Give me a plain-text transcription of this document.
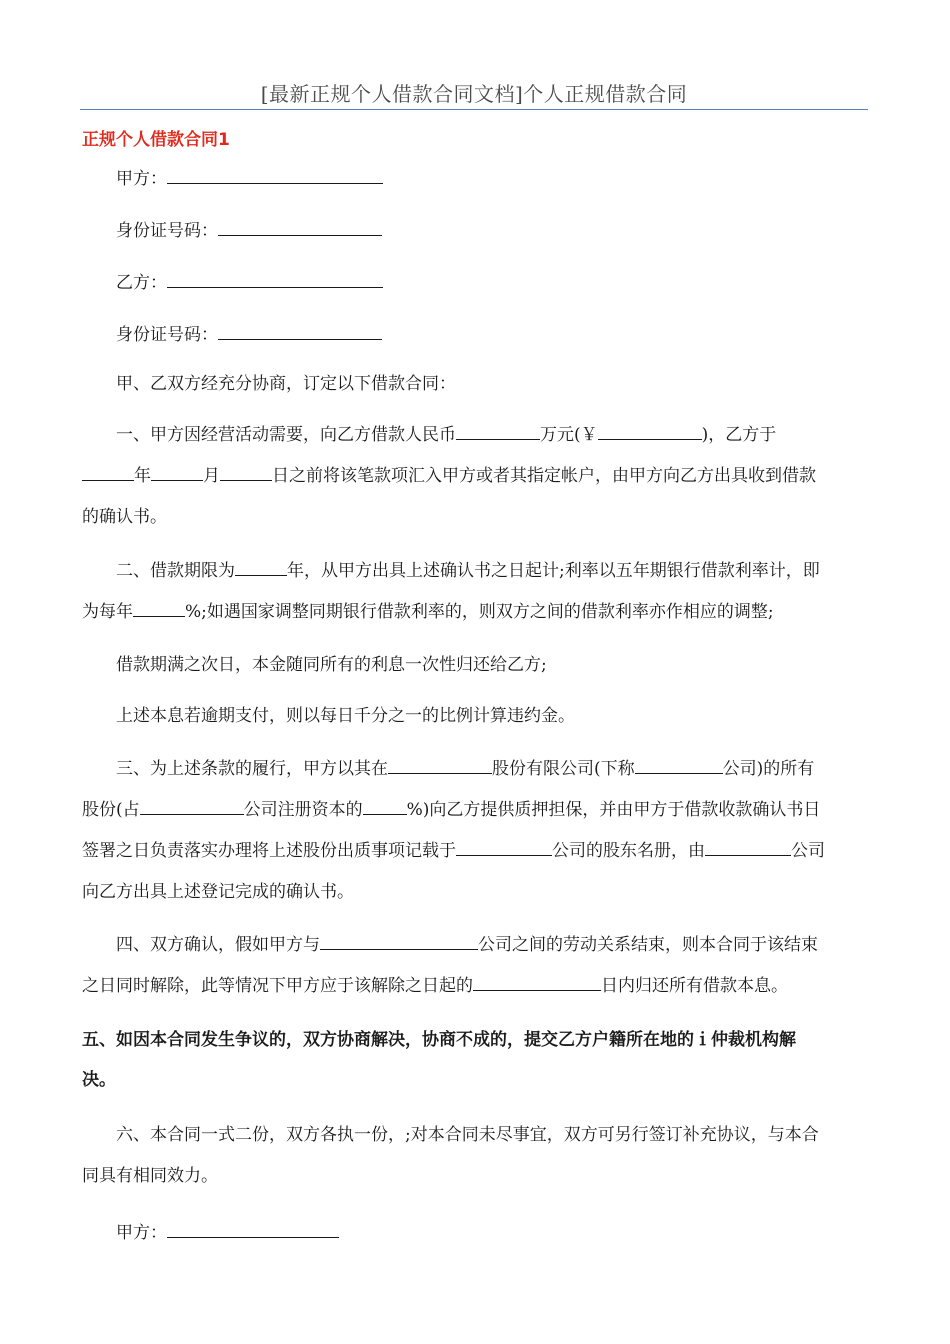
[最新正规个人借款合同文档]个人正规借款合同
正规个人借款合同1
甲方：
身份证号码：
乙方：
身份证号码：
甲、乙双方经充分协商，订定以下借款合同：
一、甲方因经营活动需要，向乙方借款人民币	万元(￥	)，乙方于
年	月	日之前将该笔款项汇入甲方或者其指定帐户，由甲方向乙方出具收到借款
的确认书。
二、借款期限为	年，从甲方出具上述确认书之日起计;利率以五年期银行借款利率计，即
为每年	%;如遇国家调整同期银行借款利率的，则双方之间的借款利率亦作相应的调整;
借款期满之次日，本金随同所有的利息一次性归还给乙方;
上述本息若逾期支付，则以每日千分之一的比例计算违约金。
三、为上述条款的履行，甲方以其在	股份有限公司(下称	公司)的所有
股份(占	公司注册资本的	%)向乙方提供质押担保，并由甲方于借款收款确认书日
签署之日负责落实办理将上述股份出质事项记载于	公司的股东名册，由	公司
向乙方出具上述登记完成的确认书。
四、双方确认，假如甲方与	公司之间的劳动关系结束，则本合同于该结束
之日同时解除，此等情况下甲方应于该解除之日起的	日内归还所有借款本息。
五、如因本合同发生争议的，双方协商解决，协商不成的，提交乙方户籍所在地的ｉ仲裁机构解
决。
六、本合同一式二份，双方各执一份，;对本合同未尽事宜，双方可另行签订补充协议，与本合
同具有相同效力。
甲方：
